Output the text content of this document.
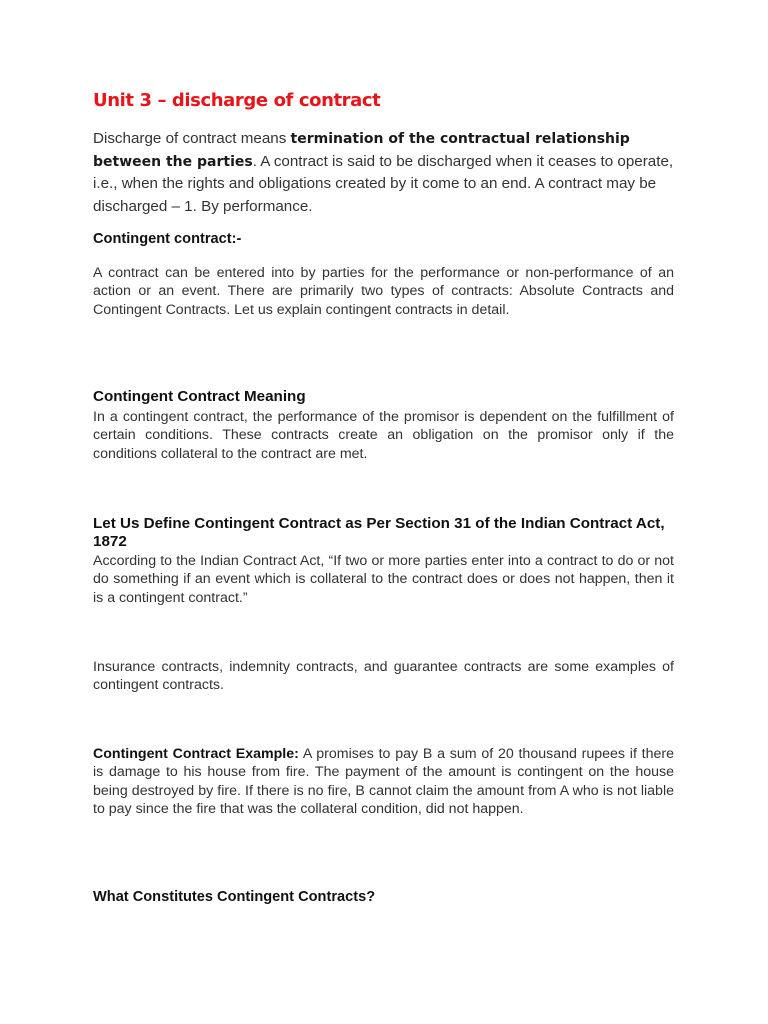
Unit 3 – discharge of contract
Discharge of contract means termination of the contractual relationship between the parties. A contract is said to be discharged when it ceases to operate, i.e., when the rights and obligations created by it come to an end. A contract may be discharged – 1. By performance.
Contingent contract:-
A contract can be entered into by parties for the performance or non-performance of an action or an event. There are primarily two types of contracts: Absolute Contracts and Contingent Contracts. Let us explain contingent contracts in detail.
Contingent Contract Meaning
In a contingent contract, the performance of the promisor is dependent on the fulfillment of certain conditions. These contracts create an obligation on the promisor only if the conditions collateral to the contract are met.
Let Us Define Contingent Contract as Per Section 31 of the Indian Contract Act, 1872
According to the Indian Contract Act, “If two or more parties enter into a contract to do or not do something if an event which is collateral to the contract does or does not happen, then it is a contingent contract.”
Insurance contracts, indemnity contracts, and guarantee contracts are some examples of contingent contracts.
Contingent Contract Example: A promises to pay B a sum of 20 thousand rupees if there is damage to his house from fire. The payment of the amount is contingent on the house being destroyed by fire. If there is no fire, B cannot claim the amount from A who is not liable to pay since the fire that was the collateral condition, did not happen.
What Constitutes Contingent Contracts?
